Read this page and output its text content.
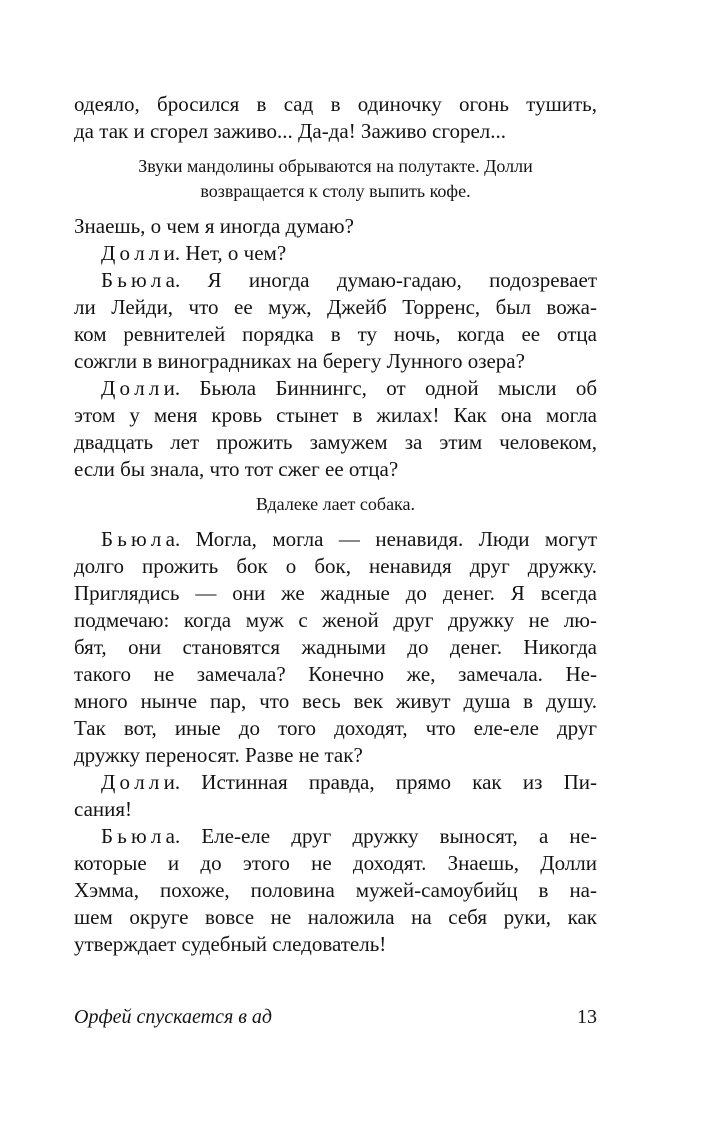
одеяло, бросился в сад в одиночку огонь тушить,
да так и сгорел заживо... Да-да! Заживо сгорел...
Звуки мандолины обрываются на полутакте. Долли
возвращается к столу выпить кофе.
Знаешь, о чем я иногда думаю?
Д о л л и. Нет, о чем?
Б ь ю л а. Я иногда думаю-гадаю, подозревает
ли Лейди, что ее муж, Джейб Торренс, был вожа-
ком ревнителей порядка в ту ночь, когда ее отца
сожгли в виноградниках на берегу Лунного озера?
Д о л л и. Бьюла Биннингс, от одной мысли об
этом у меня кровь стынет в жилах! Как она могла
двадцать лет прожить замужем за этим человеком,
если бы знала, что тот сжег ее отца?
Вдалеке лает собака.
Б ь ю л а. Могла, могла — ненавидя. Люди могут
долго прожить бок о бок, ненавидя друг дружку.
Приглядись — они же жадные до денег. Я всегда
подмечаю: когда муж с женой друг дружку не лю-
бят, они становятся жадными до денег. Никогда
такого не замечала? Конечно же, замечала. Не-
много нынче пар, что весь век живут душа в душу.
Так вот, иные до того доходят, что еле-еле друг
дружку переносят. Разве не так?
Д о л л и. Истинная правда, прямо как из Пи-
сания!
Б ь ю л а. Еле-еле друг дружку выносят, а не-
которые и до этого не доходят. Знаешь, Долли
Хэмма, похоже, половина мужей-самоубийц в на-
шем округе вовсе не наложила на себя руки, как
утверждает судебный следователь!
Орфей спускается в ад	13
